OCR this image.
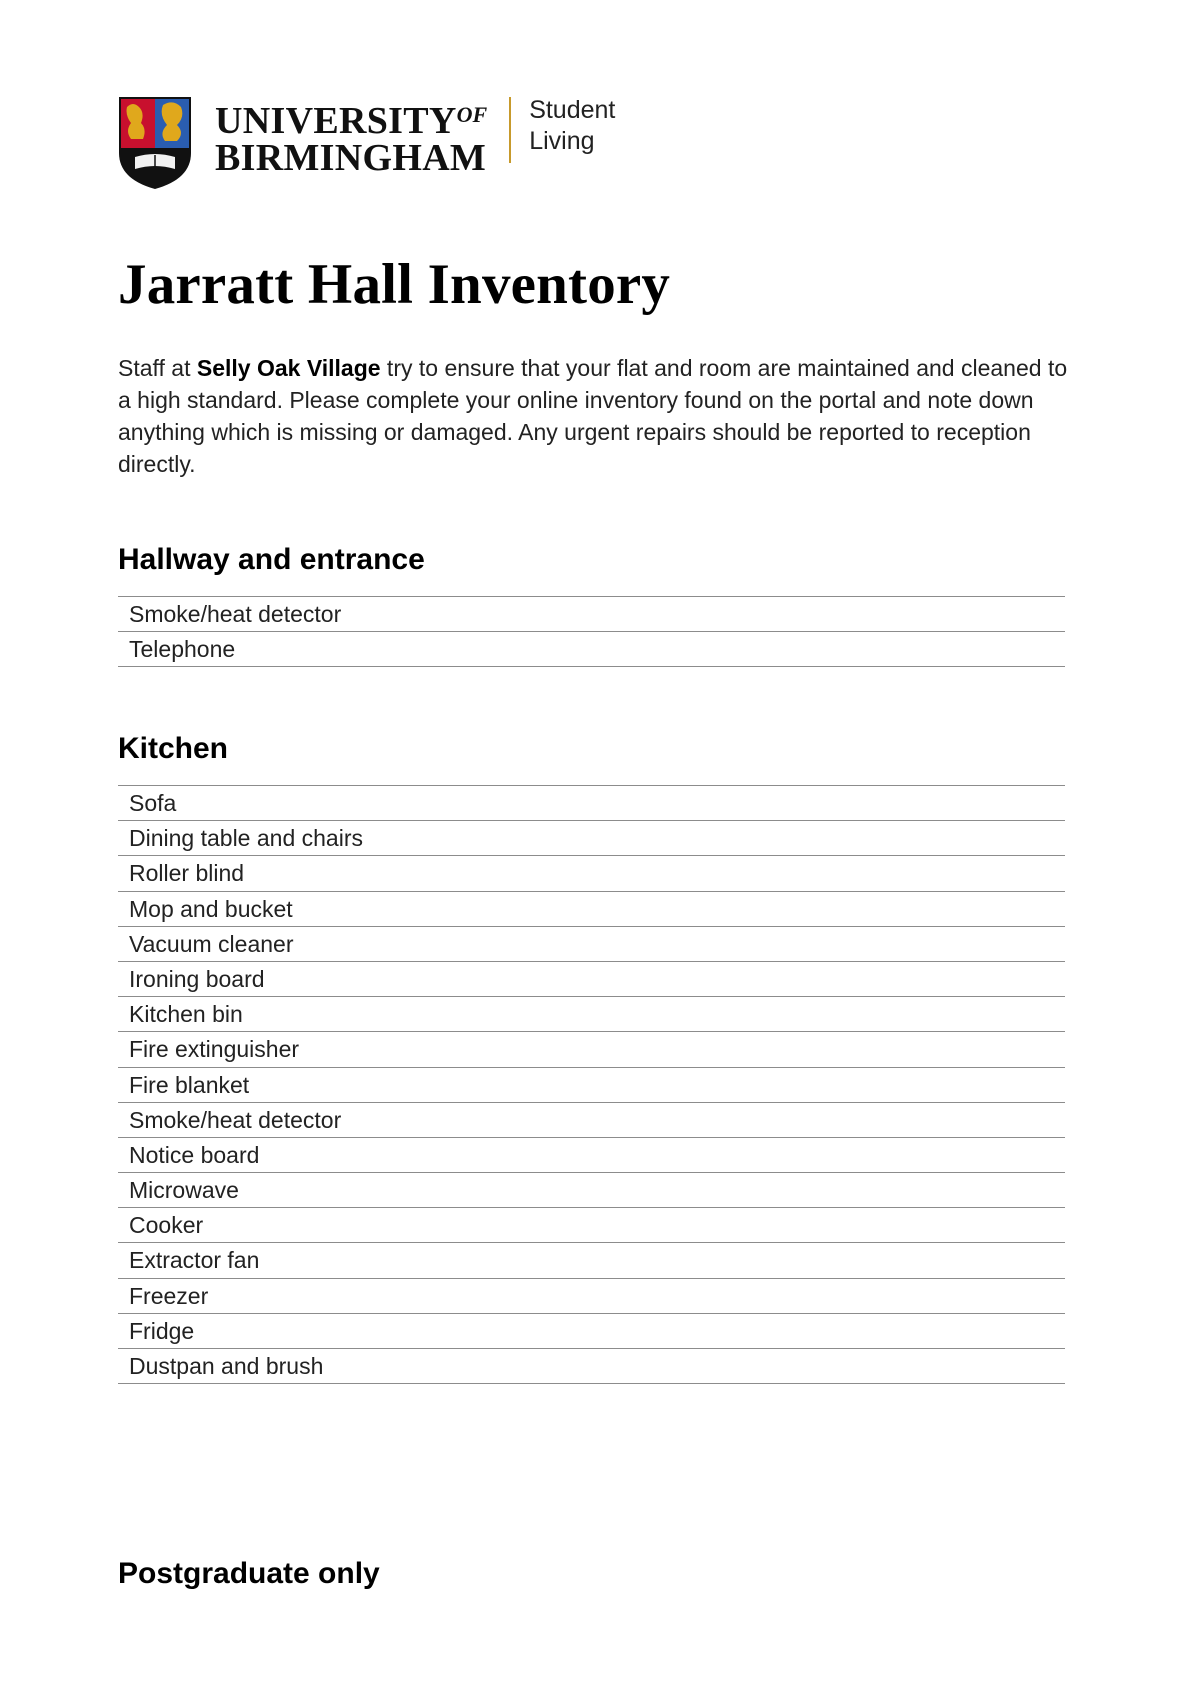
$UNIVERSITY^{OF}$
BIRMINGHAM
Student
Living
Jarratt Hall Inventory

Staff at Selly Oak Village try to ensure that your flat and room are maintained and cleaned to a high standard. Please complete your online inventory found on the portal and note down anything which is missing or damaged. Any urgent repairs should be reported to reception directly.

Hallway and entrance
Smoke/heat detector
Telephone
Kitchen
Sofa
Dining table and chairs
Roller blind
Mop and bucket
Vacuum cleaner
Ironing board
Kitchen bin
Fire extinguisher
Fire blanket
Smoke/heat detector
Notice board
Microwave
Cooker
Extractor fan
Freezer
Fridge
Dustpan and brush
Postgraduate only
